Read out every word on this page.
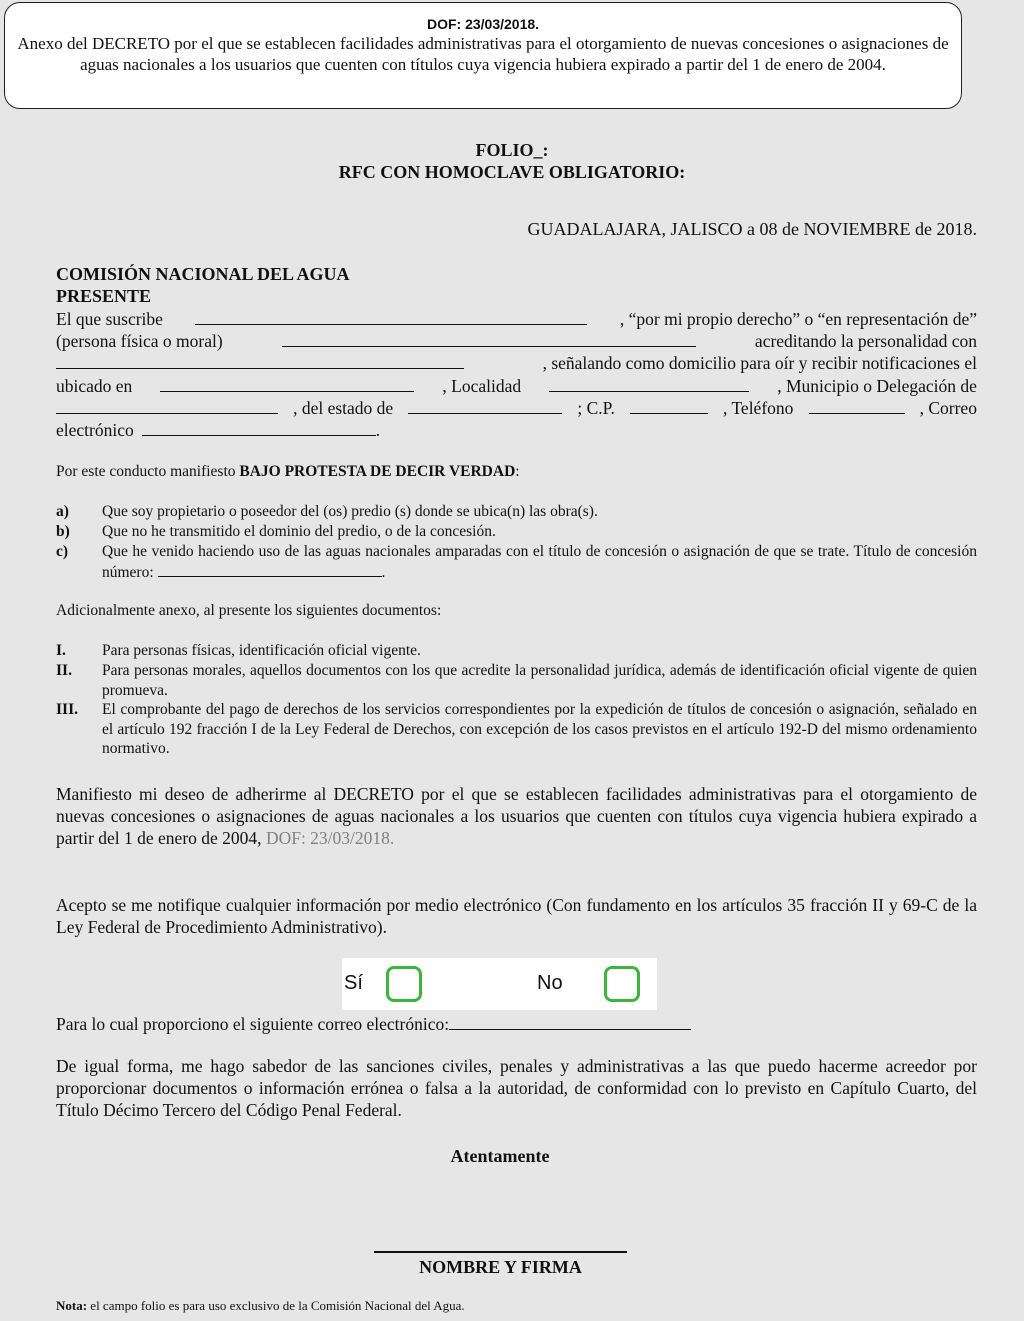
DOF: 23/03/2018.
Anexo del DECRETO por el que se establecen facilidades administrativas para el otorgamiento de nuevas concesiones o asignaciones de aguas nacionales a los usuarios que cuenten con títulos cuya vigencia hubiera expirado a partir del 1 de enero de 2004.
FOLIO_:
RFC CON HOMOCLAVE OBLIGATORIO:
GUADALAJARA, JALISCO a 08 de NOVIEMBRE de 2018.
COMISIÓN NACIONAL DEL AGUA
PRESENTE
El que suscribe	, “por mi propio derecho” o “en representación de”
(persona física o moral)	acreditando la personalidad con
, señalando como domicilio para oír y recibir notificaciones el
ubicado en	, Localidad	, Municipio o Delegación de
, del estado de	; C.P.	, Teléfono	, Correo
electrónico	.
Por este conducto manifiesto BAJO PROTESTA DE DECIR VERDAD:
a) Que soy propietario o poseedor del (os) predio (s) donde se ubica(n) las obra(s).
b) Que no he transmitido el dominio del predio, o de la concesión.
c) Que he venido haciendo uso de las aguas nacionales amparadas con el título de concesión o asignación de que se trate. Título de concesión número:	.
Adicionalmente anexo, al presente los siguientes documentos:
I. Para personas físicas, identificación oficial vigente.
II. Para personas morales, aquellos documentos con los que acredite la personalidad jurídica, además de identificación oficial vigente de quien promueva.
III. El comprobante del pago de derechos de los servicios correspondientes por la expedición de títulos de concesión o asignación, señalado en el artículo 192 fracción I de la Ley Federal de Derechos, con excepción de los casos previstos en el artículo 192-D del mismo ordenamiento normativo.
Manifiesto mi deseo de adherirme al DECRETO por el que se establecen facilidades administrativas para el otorgamiento de nuevas concesiones o asignaciones de aguas nacionales a los usuarios que cuenten con títulos cuya vigencia hubiera expirado a partir del 1 de enero de 2004, DOF: 23/03/2018.
Acepto se me notifique cualquier información por medio electrónico (Con fundamento en los artículos 35 fracción II y 69-C de la Ley Federal de Procedimiento Administrativo).
Sí	No
Para lo cual proporciono el siguiente correo electrónico:
De igual forma, me hago sabedor de las sanciones civiles, penales y administrativas a las que puedo hacerme acreedor por proporcionar documentos o información errónea o falsa a la autoridad, de conformidad con lo previsto en Capítulo Cuarto, del Título Décimo Tercero del Código Penal Federal.
Atentamente
NOMBRE Y FIRMA
Nota: el campo folio es para uso exclusivo de la Comisión Nacional del Agua.
